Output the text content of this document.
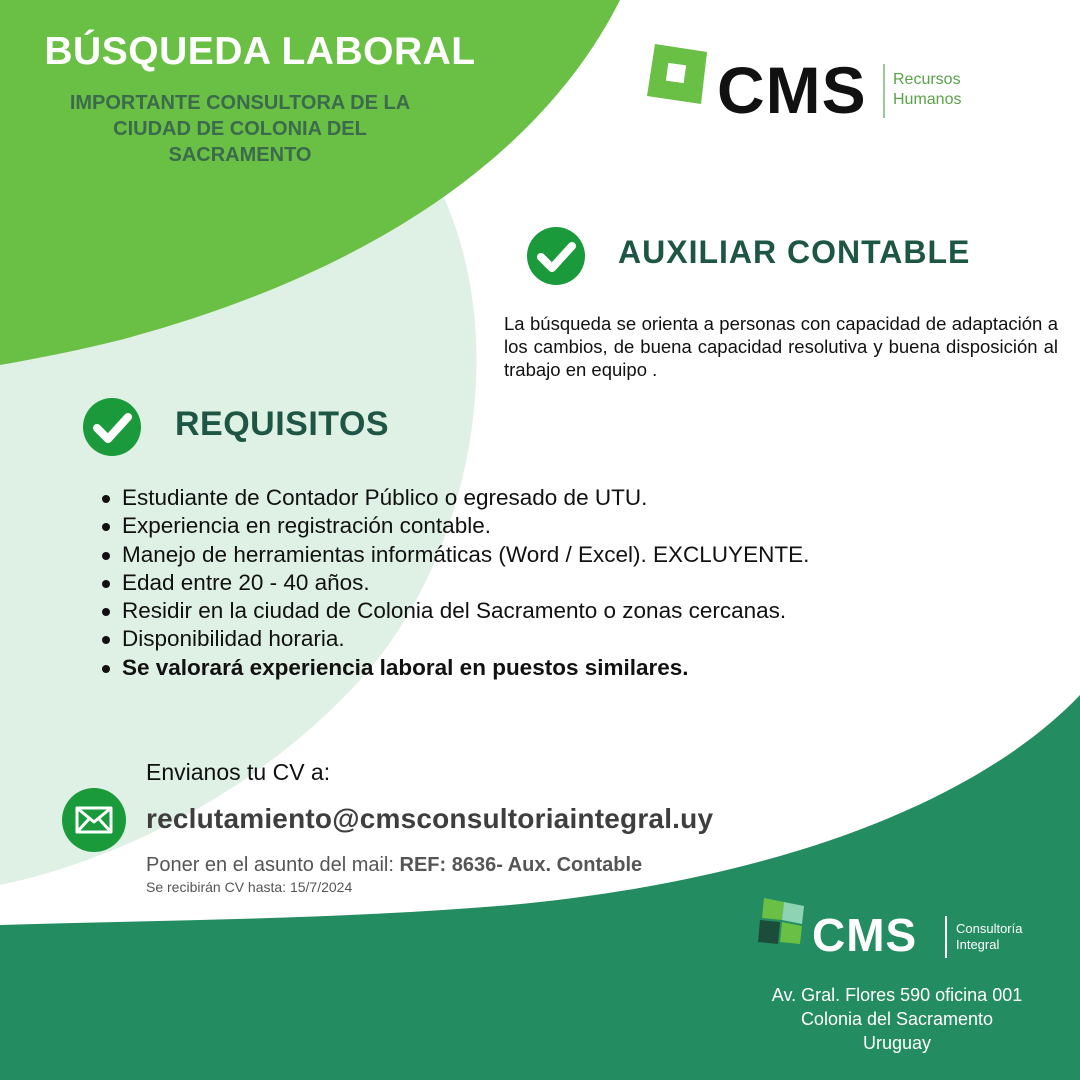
BÚSQUEDA LABORAL
IMPORTANTE CONSULTORA DE LA
CIUDAD DE COLONIA DEL
SACRAMENTO
CMS Recursos
Humanos
AUXILIAR CONTABLE
La búsqueda se orienta a personas con capacidad de adaptación a los cambios, de buena capacidad resolutiva y buena disposición al trabajo en equipo .
REQUISITOS
Estudiante de Contador Público o egresado de UTU.
Experiencia en registración contable.
Manejo de herramientas informáticas (Word / Excel). EXCLUYENTE.
Edad entre 20 - 40 años.
Residir en la ciudad de Colonia del Sacramento o zonas cercanas.
Disponibilidad horaria.
Se valorará experiencia laboral en puestos similares.
Envianos tu CV a:
reclutamiento@cmsconsultoriaintegral.uy
Poner en el asunto del mail: REF: 8636- Aux. Contable
Se recibirán CV hasta: 15/7/2024
CMS	Consultoría
Integral
Av. Gral. Flores 590 oficina 001
Colonia del Sacramento
Uruguay
